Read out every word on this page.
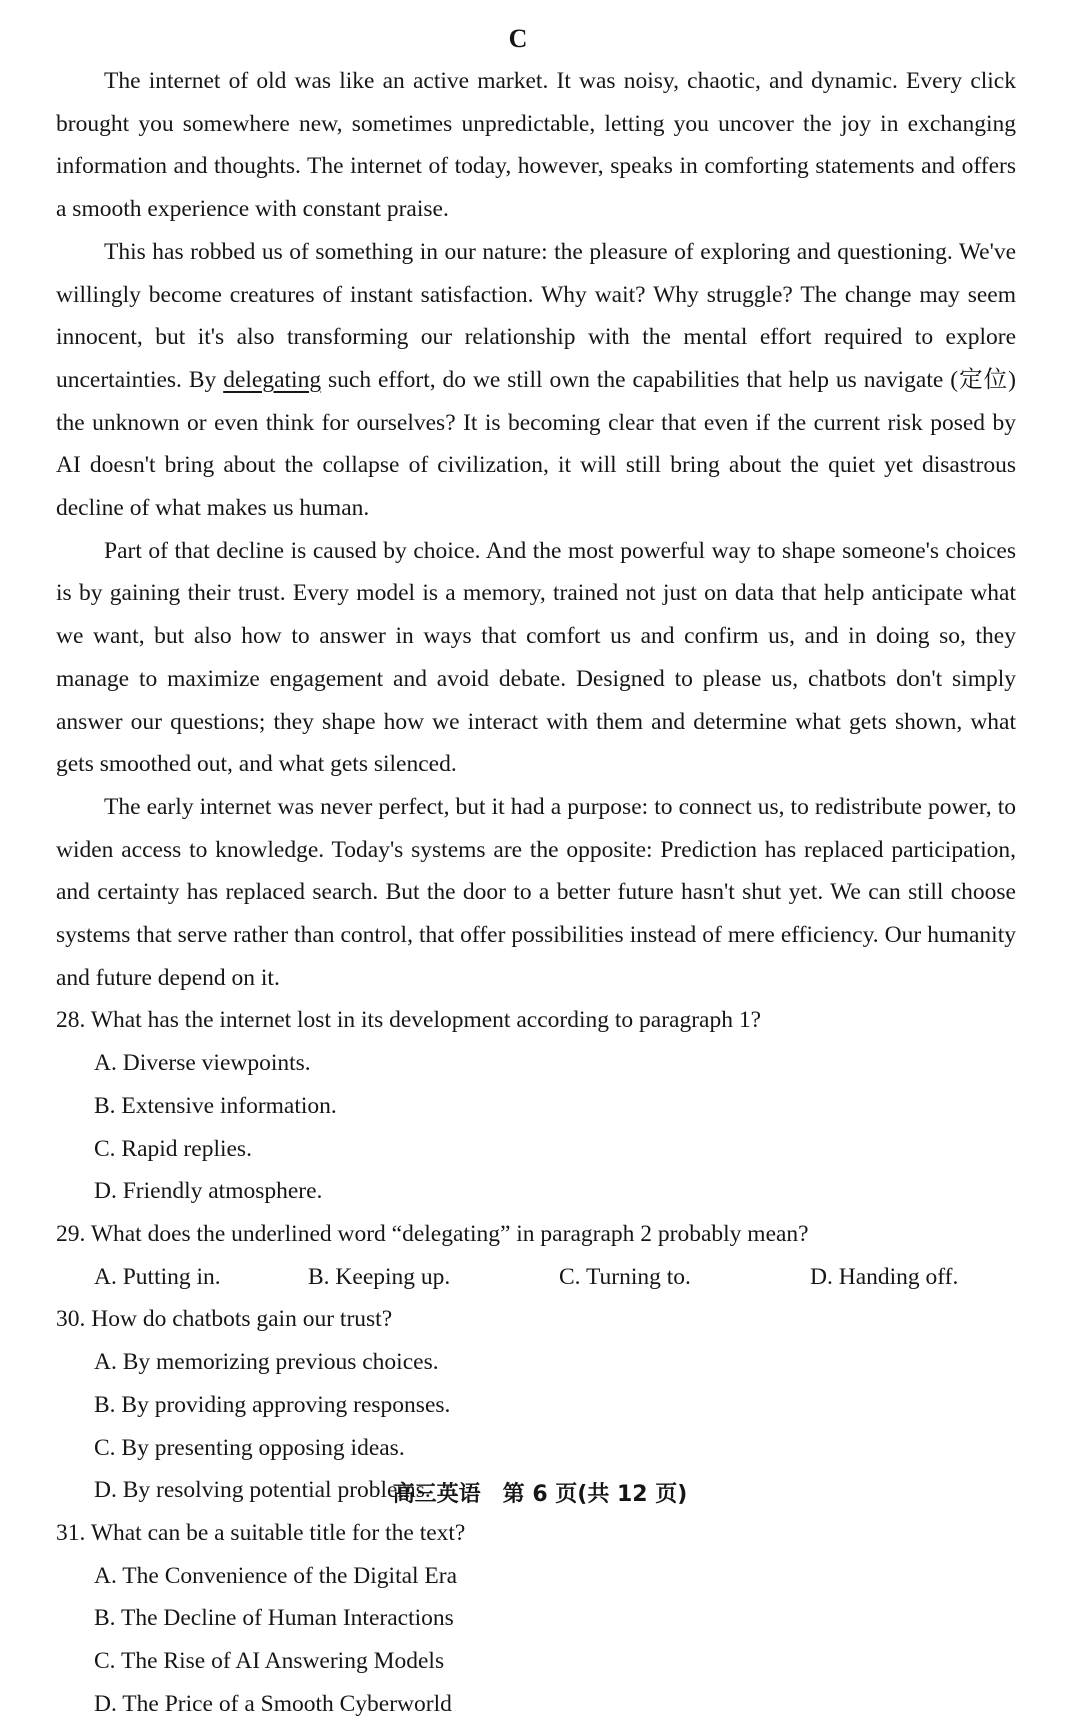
C

The internet of old was like an active market. It was noisy, chaotic, and dynamic. Every click brought you somewhere new, sometimes unpredictable, letting you uncover the joy in exchanging information and thoughts. The internet of today, however, speaks in comforting statements and offers a smooth experience with constant praise.

This has robbed us of something in our nature: the pleasure of exploring and questioning. We've willingly become creatures of instant satisfaction. Why wait? Why struggle? The change may seem innocent, but it's also transforming our relationship with the mental effort required to explore uncertainties. By delegating such effort, do we still own the capabilities that help us navigate (定位) the unknown or even think for ourselves? It is becoming clear that even if the current risk posed by AI doesn't bring about the collapse of civilization, it will still bring about the quiet yet disastrous decline of what makes us human.

Part of that decline is caused by choice. And the most powerful way to shape someone's choices is by gaining their trust. Every model is a memory, trained not just on data that help anticipate what we want, but also how to answer in ways that comfort us and confirm us, and in doing so, they manage to maximize engagement and avoid debate. Designed to please us, chatbots don't simply answer our questions; they shape how we interact with them and determine what gets shown, what gets smoothed out, and what gets silenced.

The early internet was never perfect, but it had a purpose: to connect us, to redistribute power, to widen access to knowledge. Today's systems are the opposite: Prediction has replaced participation, and certainty has replaced search. But the door to a better future hasn't shut yet. We can still choose systems that serve rather than control, that offer possibilities instead of mere efficiency. Our humanity and future depend on it.

28. What has the internet lost in its development according to paragraph 1?
A. Diverse viewpoints.
B. Extensive information.
C. Rapid replies.
D. Friendly atmosphere.
29. What does the underlined word “delegating” in paragraph 2 probably mean?
A. Putting in.	B. Keeping up.	C. Turning to.	D. Handing off.
30. How do chatbots gain our trust?
A. By memorizing previous choices.
B. By providing approving responses.
C. By presenting opposing ideas.
D. By resolving potential problems.
31. What can be a suitable title for the text?
A. The Convenience of the Digital Era
B. The Decline of Human Interactions
C. The Rise of AI Answering Models
D. The Price of a Smooth Cyberworld
高三英语　第 6 页(共 12 页)
